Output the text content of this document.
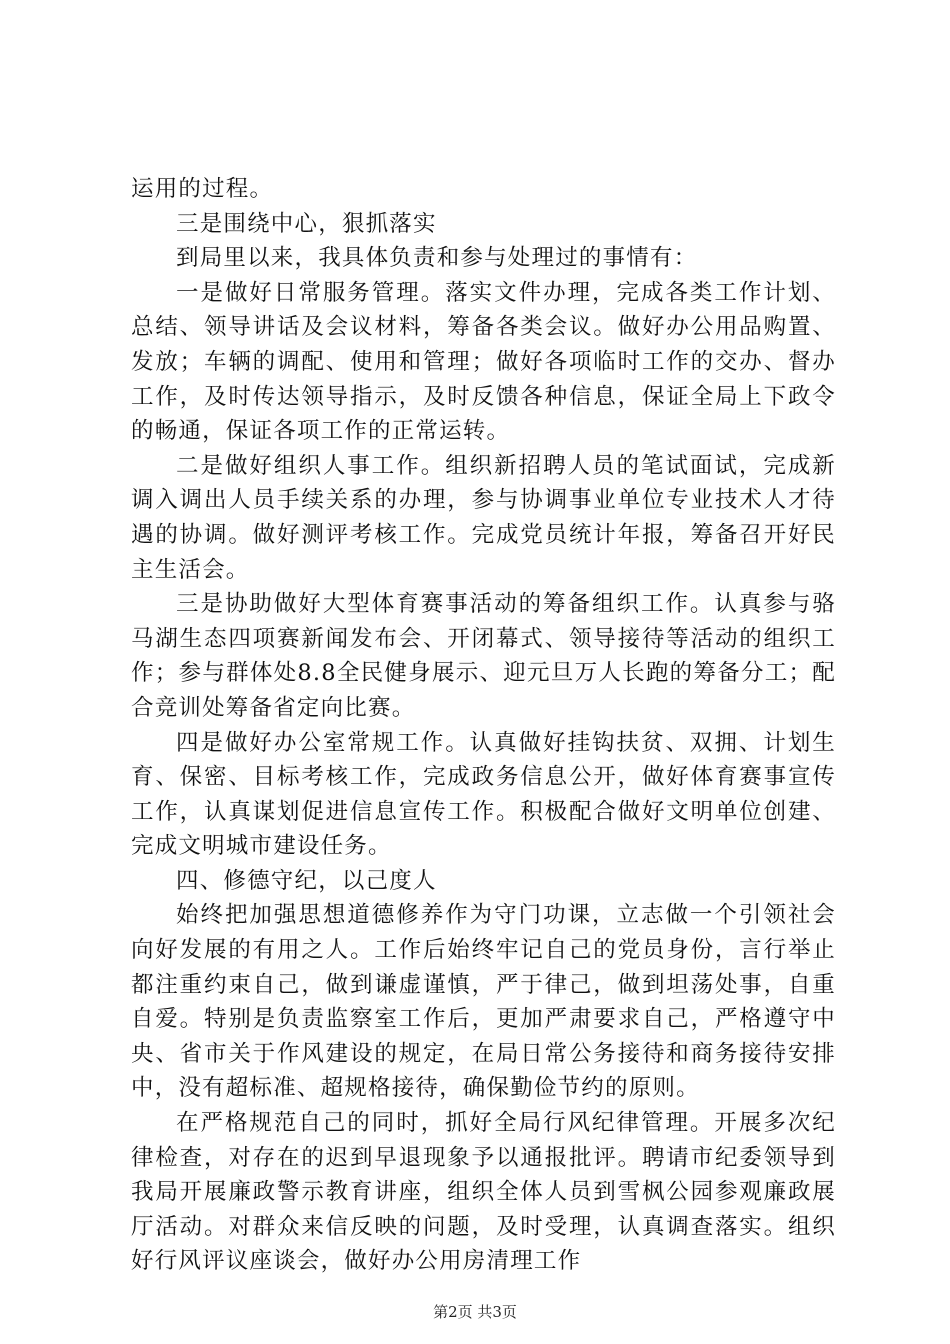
运用的过程。

三是围绕中心，狠抓落实

到局里以来，我具体负责和参与处理过的事情有：

一是做好日常服务管理。落实文件办理，完成各类工作计划、总结、领导讲话及会议材料，筹备各类会议。做好办公用品购置、发放；车辆的调配、使用和管理；做好各项临时工作的交办、督办工作，及时传达领导指示，及时反馈各种信息，保证全局上下政令的畅通，保证各项工作的正常运转。

二是做好组织人事工作。组织新招聘人员的笔试面试，完成新调入调出人员手续关系的办理，参与协调事业单位专业技术人才待遇的协调。做好测评考核工作。完成党员统计年报，筹备召开好民主生活会。

三是协助做好大型体育赛事活动的筹备组织工作。认真参与骆马湖生态四项赛新闻发布会、开闭幕式、领导接待等活动的组织工作；参与群体处8.8全民健身展示、迎元旦万人长跑的筹备分工；配合竞训处筹备省定向比赛。

四是做好办公室常规工作。认真做好挂钩扶贫、双拥、计划生育、保密、目标考核工作，完成政务信息公开，做好体育赛事宣传工作，认真谋划促进信息宣传工作。积极配合做好文明单位创建、完成文明城市建设任务。

四、修德守纪，以己度人

始终把加强思想道德修养作为守门功课，立志做一个引领社会向好发展的有用之人。工作后始终牢记自己的党员身份，言行举止都注重约束自己，做到谦虚谨慎，严于律己，做到坦荡处事，自重自爱。特别是负责监察室工作后，更加严肃要求自己，严格遵守中央、省市关于作风建设的规定，在局日常公务接待和商务接待安排中，没有超标准、超规格接待，确保勤俭节约的原则。

在严格规范自己的同时，抓好全局行风纪律管理。开展多次纪律检查，对存在的迟到早退现象予以通报批评。聘请市纪委领导到我局开展廉政警示教育讲座，组织全体人员到雪枫公园参观廉政展厅活动。对群众来信反映的问题，及时受理，认真调查落实。组织好行风评议座谈会，做好办公用房清理工作

第2页 共3页
